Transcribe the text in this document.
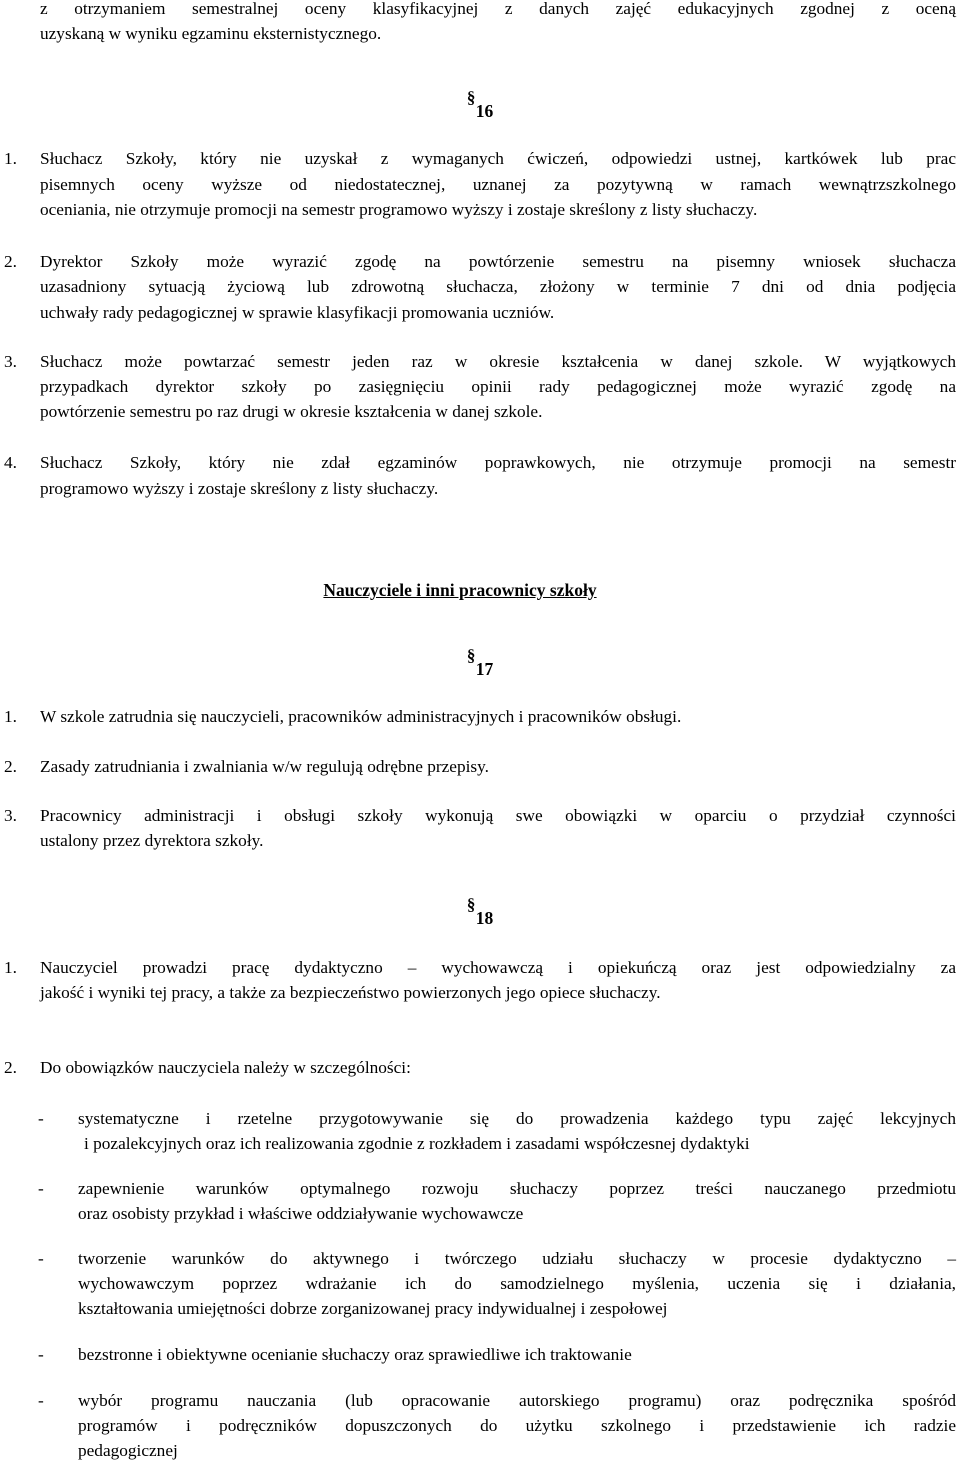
z otrzymaniem semestralnej oceny klasyfikacyjnej z danych zajęć edukacyjnych zgodnej z oceną
uzyskaną w wyniku egzaminu eksternistycznego.
§ 16
1. Słuchacz Szkoły, który nie uzyskał z wymaganych ćwiczeń, odpowiedzi ustnej, kartkówek lub prac
pisemnych oceny wyższe od niedostatecznej, uznanej za pozytywną w ramach wewnątrzszkolnego
oceniania, nie otrzymuje promocji na semestr programowo wyższy i zostaje skreślony z listy słuchaczy.
2. Dyrektor Szkoły może wyrazić zgodę na powtórzenie semestru na pisemny wniosek słuchacza
uzasadniony sytuacją życiową lub zdrowotną słuchacza, złożony w terminie 7 dni od dnia podjęcia
uchwały rady pedagogicznej w sprawie klasyfikacji promowania uczniów.
3. Słuchacz może powtarzać semestr jeden raz w okresie kształcenia w danej szkole. W wyjątkowych
przypadkach dyrektor szkoły po zasięgnięciu opinii rady pedagogicznej może wyrazić zgodę na
powtórzenie semestru po raz drugi w okresie kształcenia w danej szkole.
4. Słuchacz Szkoły, który nie zdał egzaminów poprawkowych, nie otrzymuje promocji na semestr
programowo wyższy i zostaje skreślony z listy słuchaczy.
Nauczyciele i inni pracownicy szkoły
§ 17
1. W szkole zatrudnia się nauczycieli, pracowników administracyjnych i pracowników obsługi.
2. Zasady zatrudniania i zwalniania w/w regulują odrębne przepisy.
3. Pracownicy administracji i obsługi szkoły wykonują swe obowiązki w oparciu o przydział czynności
ustalony przez dyrektora szkoły.
§ 18
1. Nauczyciel prowadzi pracę dydaktyczno – wychowawczą i opiekuńczą oraz jest odpowiedzialny za
jakość i wyniki tej pracy, a także za bezpieczeństwo powierzonych jego opiece słuchaczy.
2. Do obowiązków nauczyciela należy w szczególności:
- systematyczne i rzetelne przygotowywanie się do prowadzenia każdego typu zajęć lekcyjnych
i pozalekcyjnych oraz ich realizowania zgodnie z rozkładem i zasadami współczesnej dydaktyki
- zapewnienie warunków optymalnego rozwoju słuchaczy poprzez treści nauczanego przedmiotu
oraz osobisty przykład i właściwe oddziaływanie wychowawcze
- tworzenie warunków do aktywnego i twórczego udziału słuchaczy w procesie dydaktyczno –
wychowawczym poprzez wdrażanie ich do samodzielnego myślenia, uczenia się i działania,
kształtowania umiejętności dobrze zorganizowanej pracy indywidualnej i zespołowej
- bezstronne i obiektywne ocenianie słuchaczy oraz sprawiedliwe ich traktowanie
- wybór programu nauczania (lub opracowanie autorskiego programu) oraz podręcznika spośród
programów i podręczników dopuszczonych do użytku szkolnego i przedstawienie ich radzie
pedagogicznej
